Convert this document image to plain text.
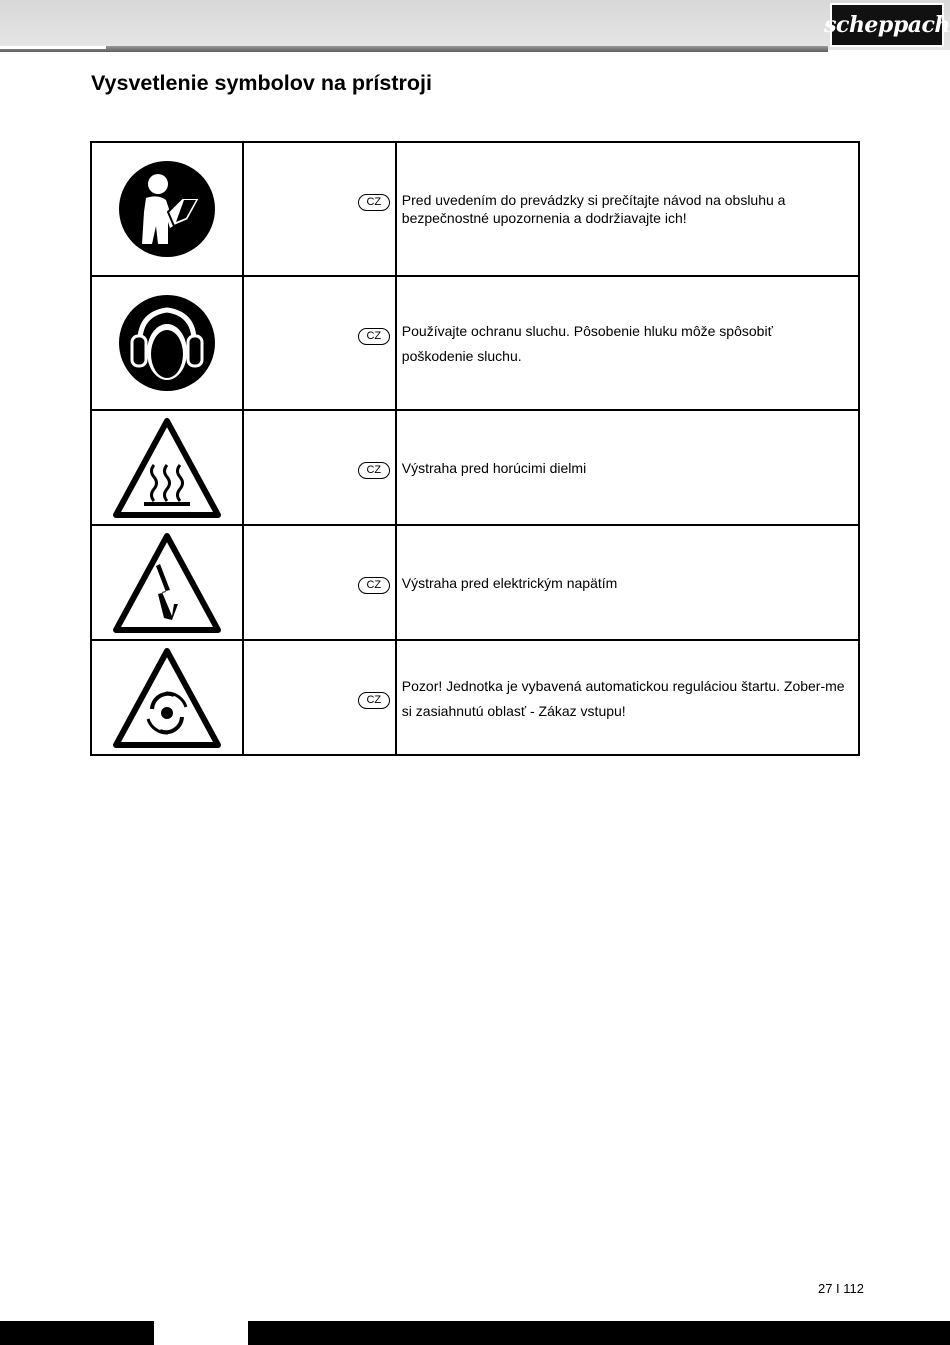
scheppach
Vysvetlenie symbolov na prístroji

CZ	Pred uvedením do prevádzky si prečítajte návod na obsluhu a bezpečnostné upozornenia a dodržiavajte ich!

CZ	Používajte ochranu sluchu. Pôsobenie hluku môže spôsobiť poškodenie sluchu.

CZ	Výstraha pred horúcimi dielmi

CZ	Výstraha pred elektrickým napätím

CZ	Pozor! Jednotka je vybavená automatickou reguláciou štartu. Zober-me si zasiahnutú oblasť - Zákaz vstupu!
27 I 112
